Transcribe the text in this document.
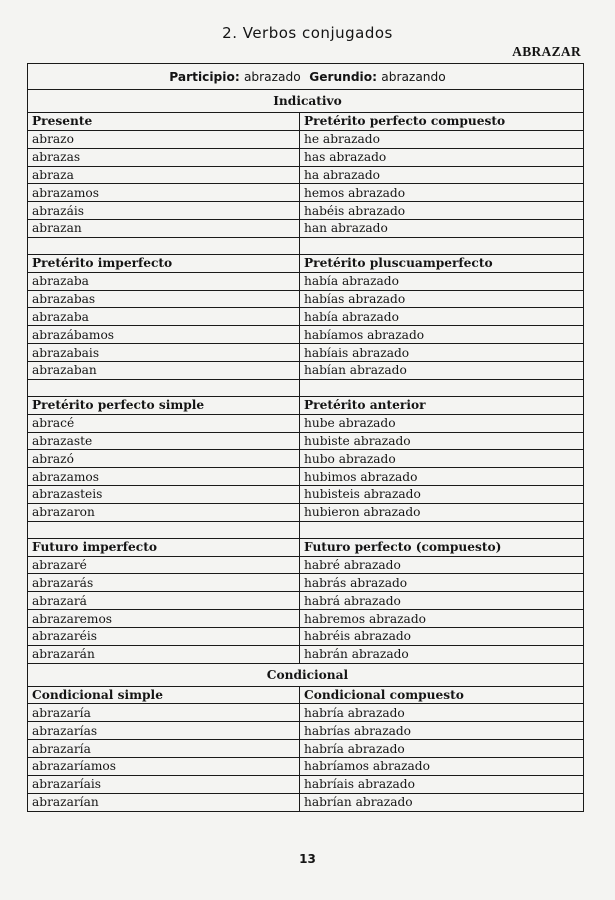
2. Verbos conjugados
ABRAZAR
Participio: abrazado Gerundio: abrazando	
Indicativo	
Presente	Pretérito perfecto compuesto
abrazo	he abrazado
abrazas	has abrazado
abraza	ha abrazado
abrazamos	hemos abrazado
abrazáis	habéis abrazado
abrazan	han abrazado

Pretérito imperfecto	Pretérito pluscuamperfecto
abrazaba	había abrazado
abrazabas	habías abrazado
abrazaba	había abrazado
abrazábamos	habíamos abrazado
abrazabais	habíais abrazado
abrazaban	habían abrazado

Pretérito perfecto simple	Pretérito anterior
abracé	hube abrazado
abrazaste	hubiste abrazado
abrazó	hubo abrazado
abrazamos	hubimos abrazado
abrazasteis	hubisteis abrazado
abrazaron	hubieron abrazado

Futuro imperfecto	Futuro perfecto (compuesto)
abrazaré	habré abrazado
abrazarás	habrás abrazado
abrazará	habrá abrazado
abrazaremos	habremos abrazado
abrazaréis	habréis abrazado
abrazarán	habrán abrazado
Condicional	
Condicional simple	Condicional compuesto
abrazaría	habría abrazado
abrazarías	habrías abrazado
abrazaría	habría abrazado
abrazaríamos	habríamos abrazado
abrazaríais	habríais abrazado
abrazarían	habrían abrazado
13
